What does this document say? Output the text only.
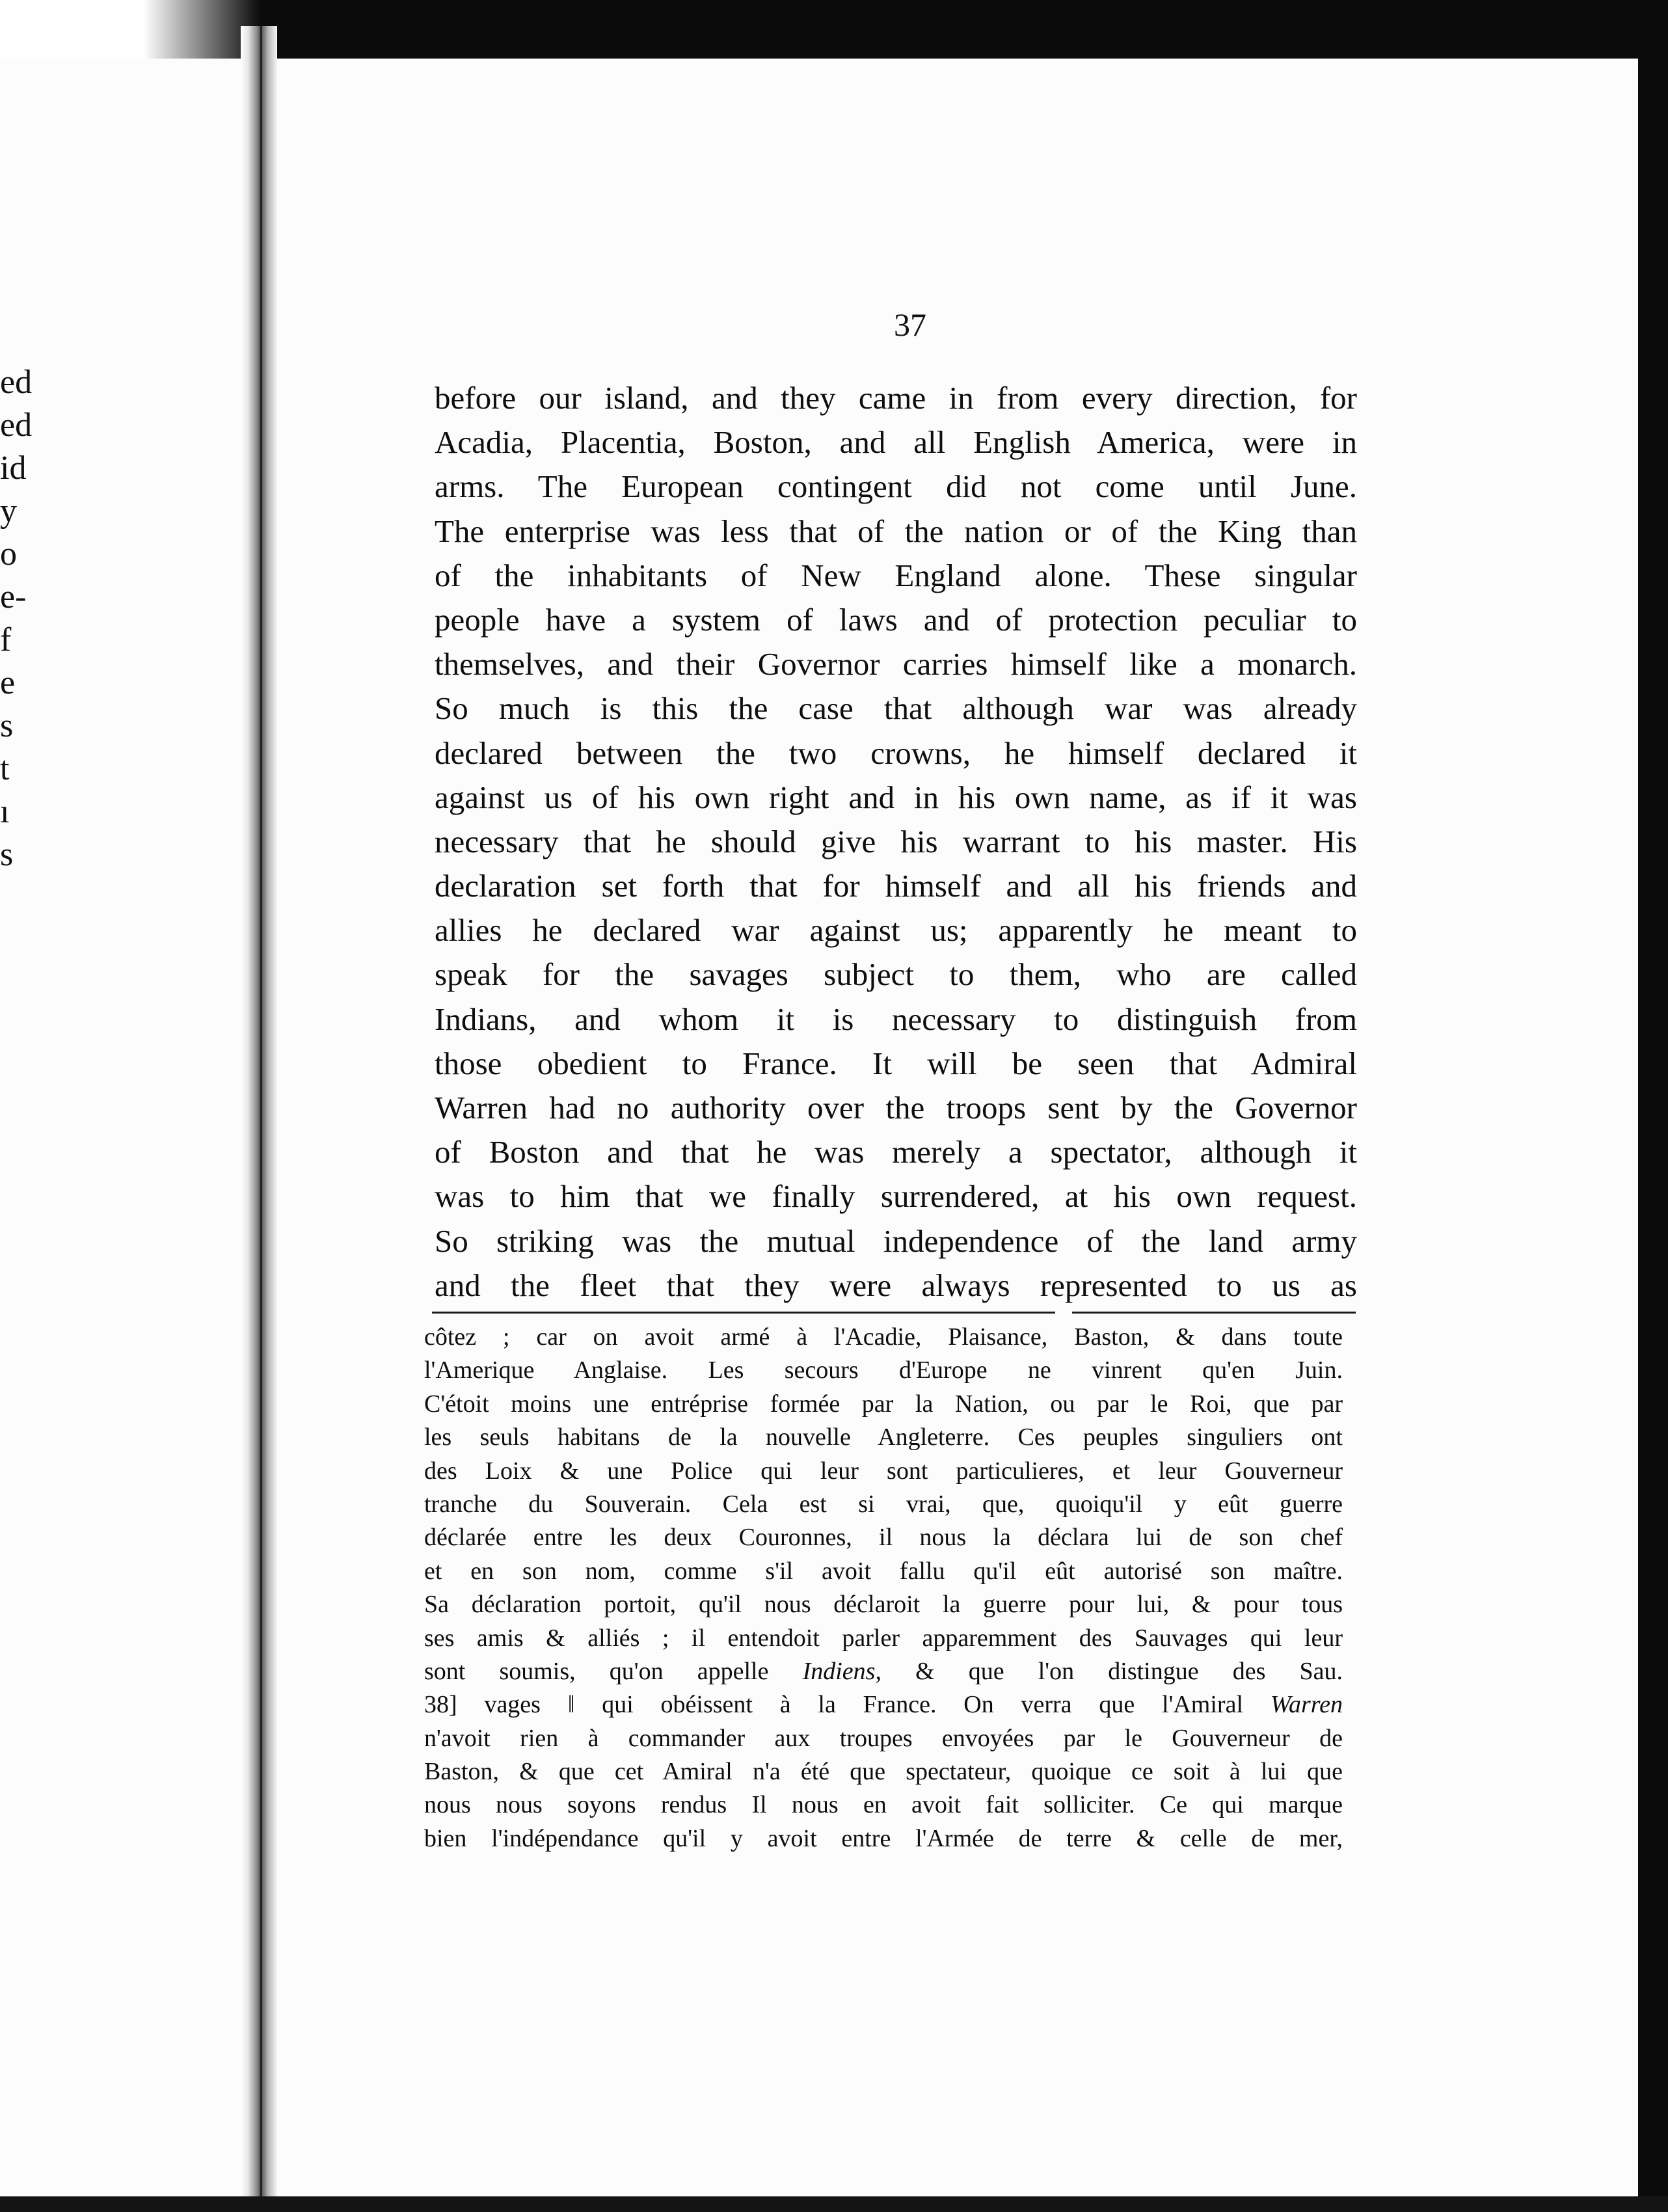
ed
ed
id
y
o
e-
f
e
s
t
ı
s
37
before our island, and they came in from every direction, for
Acadia, Placentia, Boston, and all English America, were in
arms. The European contingent did not come until June.
The enterprise was less that of the nation or of the King than
of the inhabitants of New England alone. These singular
people have a system of laws and of protection peculiar to
themselves, and their Governor carries himself like a monarch.
So much is this the case that although war was already
declared between the two crowns, he himself declared it
against us of his own right and in his own name, as if it was
necessary that he should give his warrant to his master. His
declaration set forth that for himself and all his friends and
allies he declared war against us; apparently he meant to
speak for the savages subject to them, who are called
Indians, and whom it is necessary to distinguish from
those obedient to France. It will be seen that Admiral
Warren had no authority over the troops sent by the Governor
of Boston and that he was merely a spectator, although it
was to him that we finally surrendered, at his own request.
So striking was the mutual independence of the land army
and the fleet that they were always represented to us as
côtez ; car on avoit armé à l'Acadie, Plaisance, Baston, & dans toute
l'Amerique Anglaise. Les secours d'Europe ne vinrent qu'en Juin.
C'étoit moins une entréprise formée par la Nation, ou par le Roi, que par
les seuls habitans de la nouvelle Angleterre. Ces peuples singuliers ont
des Loix & une Police qui leur sont particulieres, et leur Gouverneur
tranche du Souverain. Cela est si vrai, que, quoiqu'il y eût guerre
déclarée entre les deux Couronnes, il nous la déclara lui de son chef
et en son nom, comme s'il avoit fallu qu'il eût autorisé son maître.
Sa déclaration portoit, qu'il nous déclaroit la guerre pour lui, & pour tous
ses amis & alliés ; il entendoit parler apparemment des Sauvages qui leur
sont soumis, qu'on appelle Indiens, & que l'on distingue des Sau.
38] vages ‖ qui obéissent à la France. On verra que l'Amiral Warren
n'avoit rien à commander aux troupes envoyées par le Gouverneur de
Baston, & que cet Amiral n'a été que spectateur, quoique ce soit à lui que
nous nous soyons rendus Il nous en avoit fait solliciter. Ce qui marque
bien l'indépendance qu'il y avoit entre l'Armée de terre & celle de mer,
